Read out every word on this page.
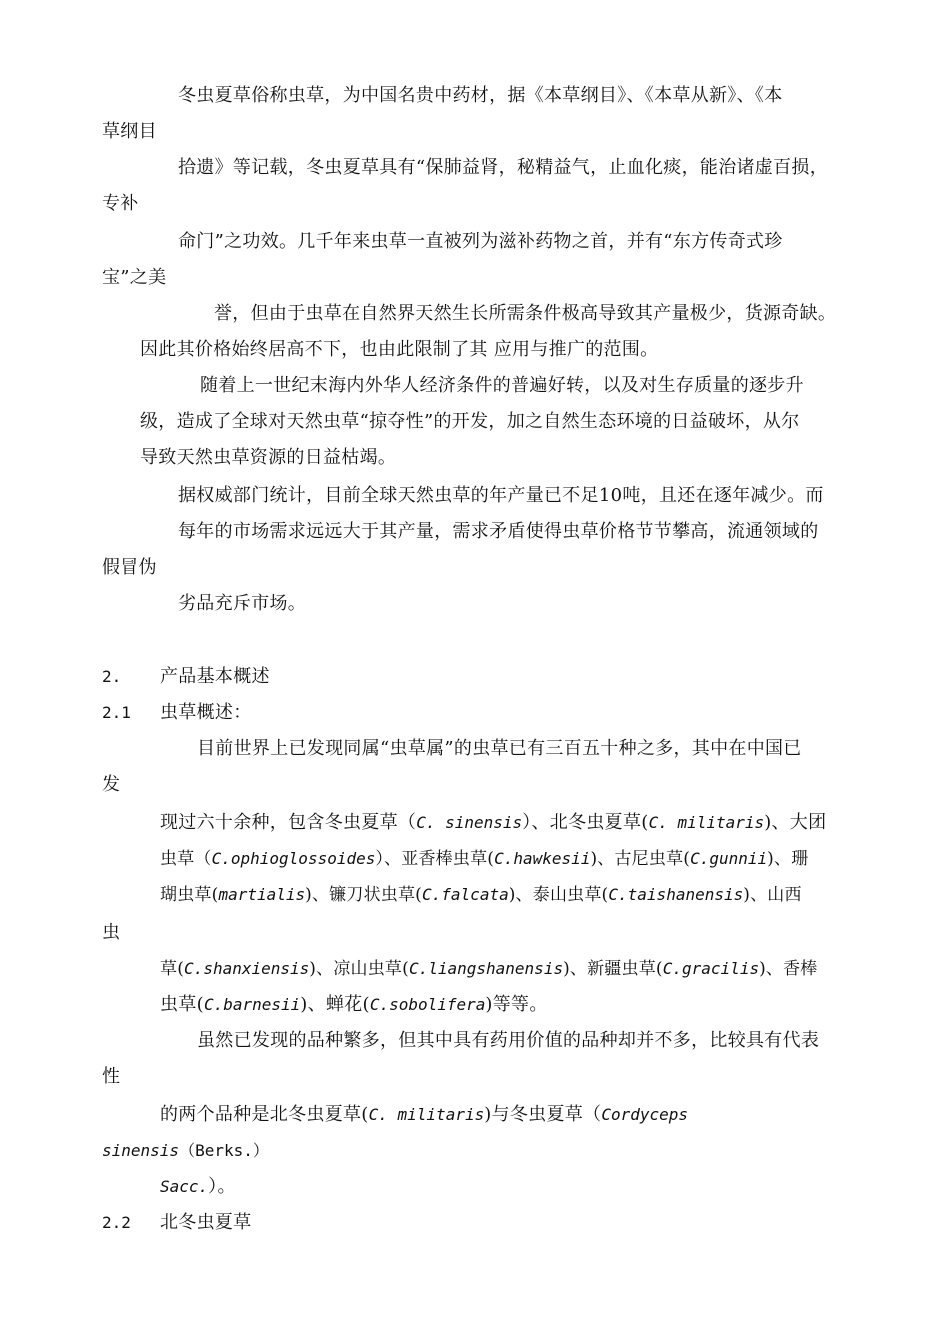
冬虫夏草俗称虫草，为中国名贵中药材，据《本草纲目》、《本草从新》、《本
草纲目
拾遗》等记载，冬虫夏草具有“保肺益肾，秘精益气，止血化痰，能治诸虚百损，
专补
命门”之功效。几千年来虫草一直被列为滋补药物之首，并有“东方传奇式珍
宝”之美
誉，但由于虫草在自然界天然生长所需条件极高导致其产量极少，货源奇缺。
因此其价格始终居高不下，也由此限制了其 应用与推广的范围。
随着上一世纪末海内外华人经济条件的普遍好转，以及对生存质量的逐步升
级，造成了全球对天然虫草“掠夺性”的开发，加之自然生态环境的日益破坏，从尔
导致天然虫草资源的日益枯竭。
据权威部门统计，目前全球天然虫草的年产量已不足10吨，且还在逐年减少。而
每年的市场需求远远大于其产量，需求矛盾使得虫草价格节节攀高，流通领域的
假冒伪
劣品充斥市场。
2. 产品基本概述
2.1 虫草概述：
目前世界上已发现同属“虫草属”的虫草已有三百五十种之多，其中在中国已
发
现过六十余种，包含冬虫夏草（C. sinensis）、北冬虫夏草(C. militaris)、大团
虫草（C.ophioglossoides）、亚香棒虫草(C.hawkesii)、古尼虫草(C.gunnii)、珊
瑚虫草(martialis)、镰刀状虫草(C.falcata)、泰山虫草(C.taishanensis)、山西
虫
草(C.shanxiensis)、凉山虫草(C.liangshanensis)、新疆虫草(C.gracilis)、香棒
虫草(C.barnesii)、蝉花(C.sobolifera)等等。
虽然已发现的品种繁多，但其中具有药用价值的品种却并不多，比较具有代表
性
的两个品种是北冬虫夏草(C. militaris)与冬虫夏草（Cordyceps
sinensis（Berks.）
Sacc.）。
2.2 北冬虫夏草
